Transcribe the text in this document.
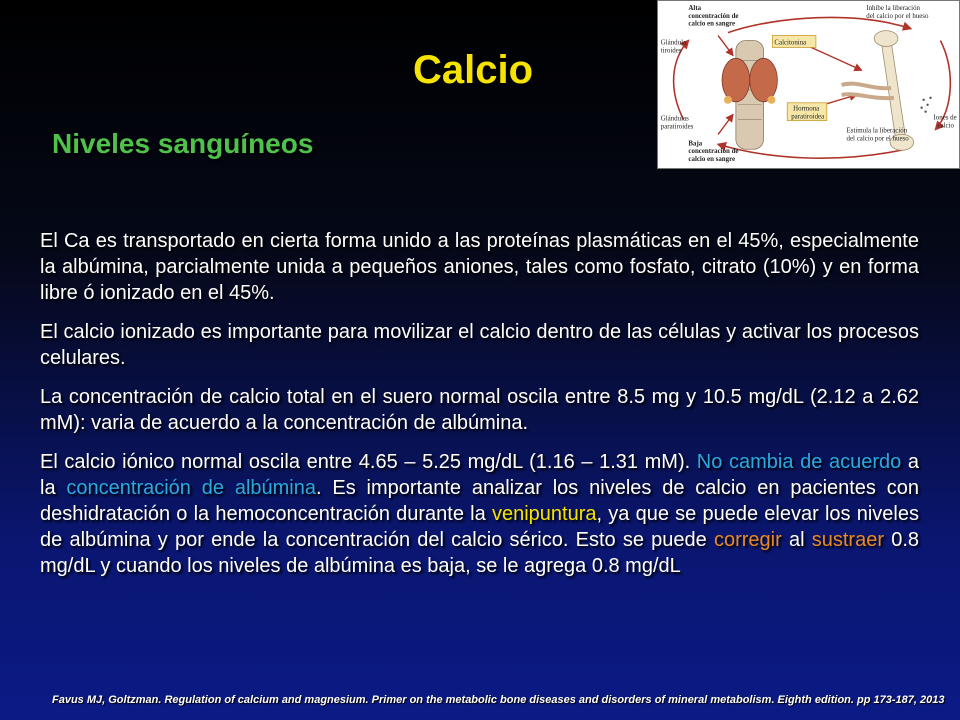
Calcio
Niveles sanguíneos
Alta
concentración de
calcio en sangre
Glándula
tiroides
Calcitonina
Inhibe la liberación
del calcio por el hueso
Glándulas
paratiroides
Hormona
paratiroidea	Iones de
calcio
Baja
concentración de
calcio en sangre
Estimula la liberación
del calcio por el hueso

El Ca es transportado en cierta forma unido a las proteínas plasmáticas en el 45%, especialmente la albúmina, parcialmente unida a pequeños aniones, tales como fosfato, citrato (10%) y en forma libre ó ionizado en el 45%.

El calcio ionizado es importante para movilizar el calcio dentro de las células y activar los procesos celulares.

La concentración de calcio total en el suero normal oscila entre 8.5 mg y 10.5 mg/dL (2.12 a 2.62 mM): varia de acuerdo a la concentración de albúmina.

El calcio iónico normal oscila entre 4.65 – 5.25 mg/dL (1.16 – 1.31 mM). No cambia de acuerdo a la concentración de albúmina. Es importante analizar los niveles de calcio en pacientes con deshidratación o la hemoconcentración durante la venipuntura, ya que se puede elevar los niveles de albúmina y por ende la concentración del calcio sérico. Esto se puede corregir al sustraer 0.8 mg/dL y cuando los niveles de albúmina es baja, se le agrega 0.8 mg/dL

Favus MJ, Goltzman. Regulation of calcium and magnesium. Primer on the metabolic bone diseases and disorders of mineral metabolism. Eighth edition. pp 173-187, 2013
